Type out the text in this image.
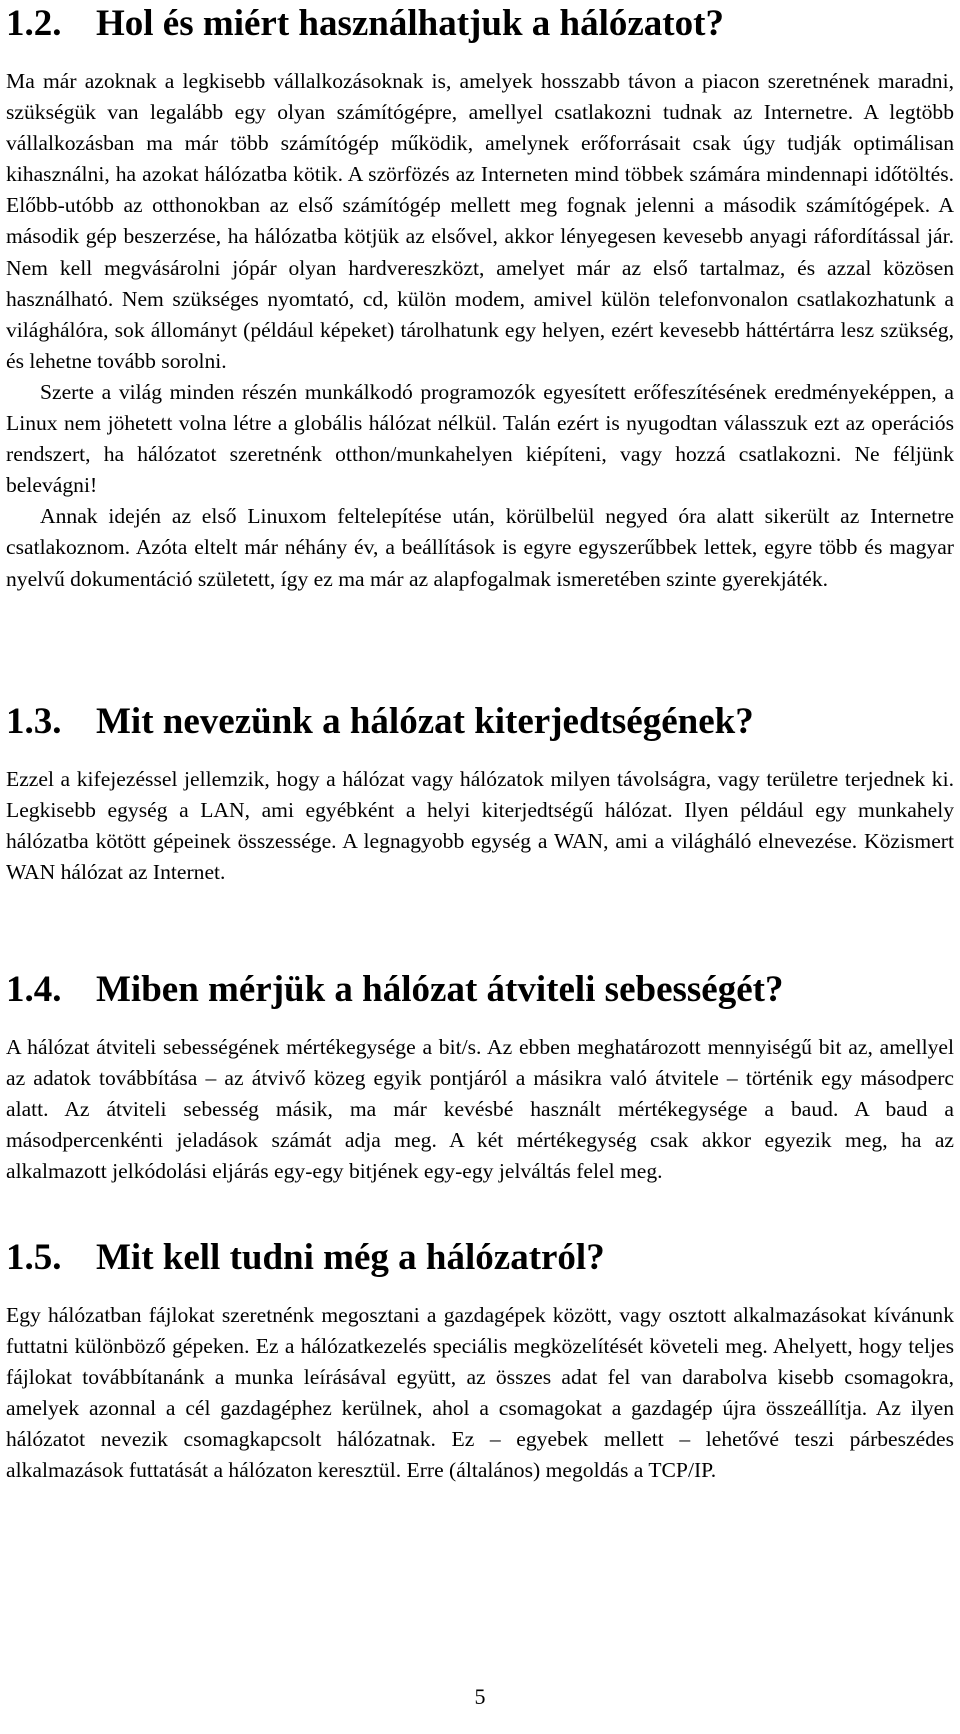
1.2. Hol és miért használhatjuk a hálózatot?

Ma már azoknak a legkisebb vállalkozásoknak is, amelyek hosszabb távon a piacon szeretnének maradni, szükségük van legalább egy olyan számítógépre, amellyel csatlakozni tudnak az Internetre. A legtöbb vállalkozásban ma már több számítógép működik, amelynek erőforrásait csak úgy tudják optimálisan kihasználni, ha azokat hálózatba kötik. A szörfözés az Interneten mind többek számára mindennapi időtöltés. Előbb-utóbb az otthonokban az első számítógép mellett meg fognak jelenni a második számítógépek. A második gép beszerzése, ha hálózatba kötjük az elsővel, akkor lényegesen kevesebb anyagi ráfordítással jár. Nem kell megvásárolni jópár olyan hardvereszközt, amelyet már az első tartalmaz, és azzal közösen használható. Nem szükséges nyomtató, cd, külön modem, amivel külön telefonvonalon csatlakozhatunk a világhálóra, sok állományt (például képeket) tárolhatunk egy helyen, ezért kevesebb háttértárra lesz szükség, és lehetne tovább sorolni.

Szerte a világ minden részén munkálkodó programozók egyesített erőfeszítésének eredményeképpen, a Linux nem jöhetett volna létre a globális hálózat nélkül. Talán ezért is nyugodtan válasszuk ezt az operációs rendszert, ha hálózatot szeretnénk otthon/munkahelyen kiépíteni, vagy hozzá csatlakozni. Ne féljünk belevágni!

Annak idején az első Linuxom feltelepítése után, körülbelül negyed óra alatt sikerült az Internetre csatlakoznom. Azóta eltelt már néhány év, a beállítások is egyre egyszerűbbek lettek, egyre több és magyar nyelvű dokumentáció született, így ez ma már az alapfogalmak ismeretében szinte gyerekjáték.

1.3. Mit nevezünk a hálózat kiterjedtségének?

Ezzel a kifejezéssel jellemzik, hogy a hálózat vagy hálózatok milyen távolságra, vagy területre terjednek ki. Legkisebb egység a LAN, ami egyébként a helyi kiterjedtségű hálózat. Ilyen például egy munkahely hálózatba kötött gépeinek összessége. A legnagyobb egység a WAN, ami a világháló elnevezése. Közismert WAN hálózat az Internet.

1.4. Miben mérjük a hálózat átviteli sebességét?

A hálózat átviteli sebességének mértékegysége a bit/s. Az ebben meghatározott mennyiségű bit az, amellyel az adatok továbbítása – az átvivő közeg egyik pontjáról a másikra való átvitele – történik egy másodperc alatt. Az átviteli sebesség másik, ma már kevésbé használt mértékegysége a baud. A baud a másodpercenkénti jeladások számát adja meg. A két mértékegység csak akkor egyezik meg, ha az alkalmazott jelkódolási eljárás egy-egy bitjének egy-egy jelváltás felel meg.

1.5. Mit kell tudni még a hálózatról?

Egy hálózatban fájlokat szeretnénk megosztani a gazdagépek között, vagy osztott alkalmazásokat kívánunk futtatni különböző gépeken. Ez a hálózatkezelés speciális megközelítését követeli meg. Ahelyett, hogy teljes fájlokat továbbítanánk a munka leírásával együtt, az összes adat fel van darabolva kisebb csomagokra, amelyek azonnal a cél gazdagéphez kerülnek, ahol a csomagokat a gazdagép újra összeállítja. Az ilyen hálózatot nevezik csomagkapcsolt hálózatnak. Ez – egyebek mellett – lehetővé teszi párbeszédes alkalmazások futtatását a hálózaton keresztül. Erre (általános) megoldás a TCP/IP.

5
